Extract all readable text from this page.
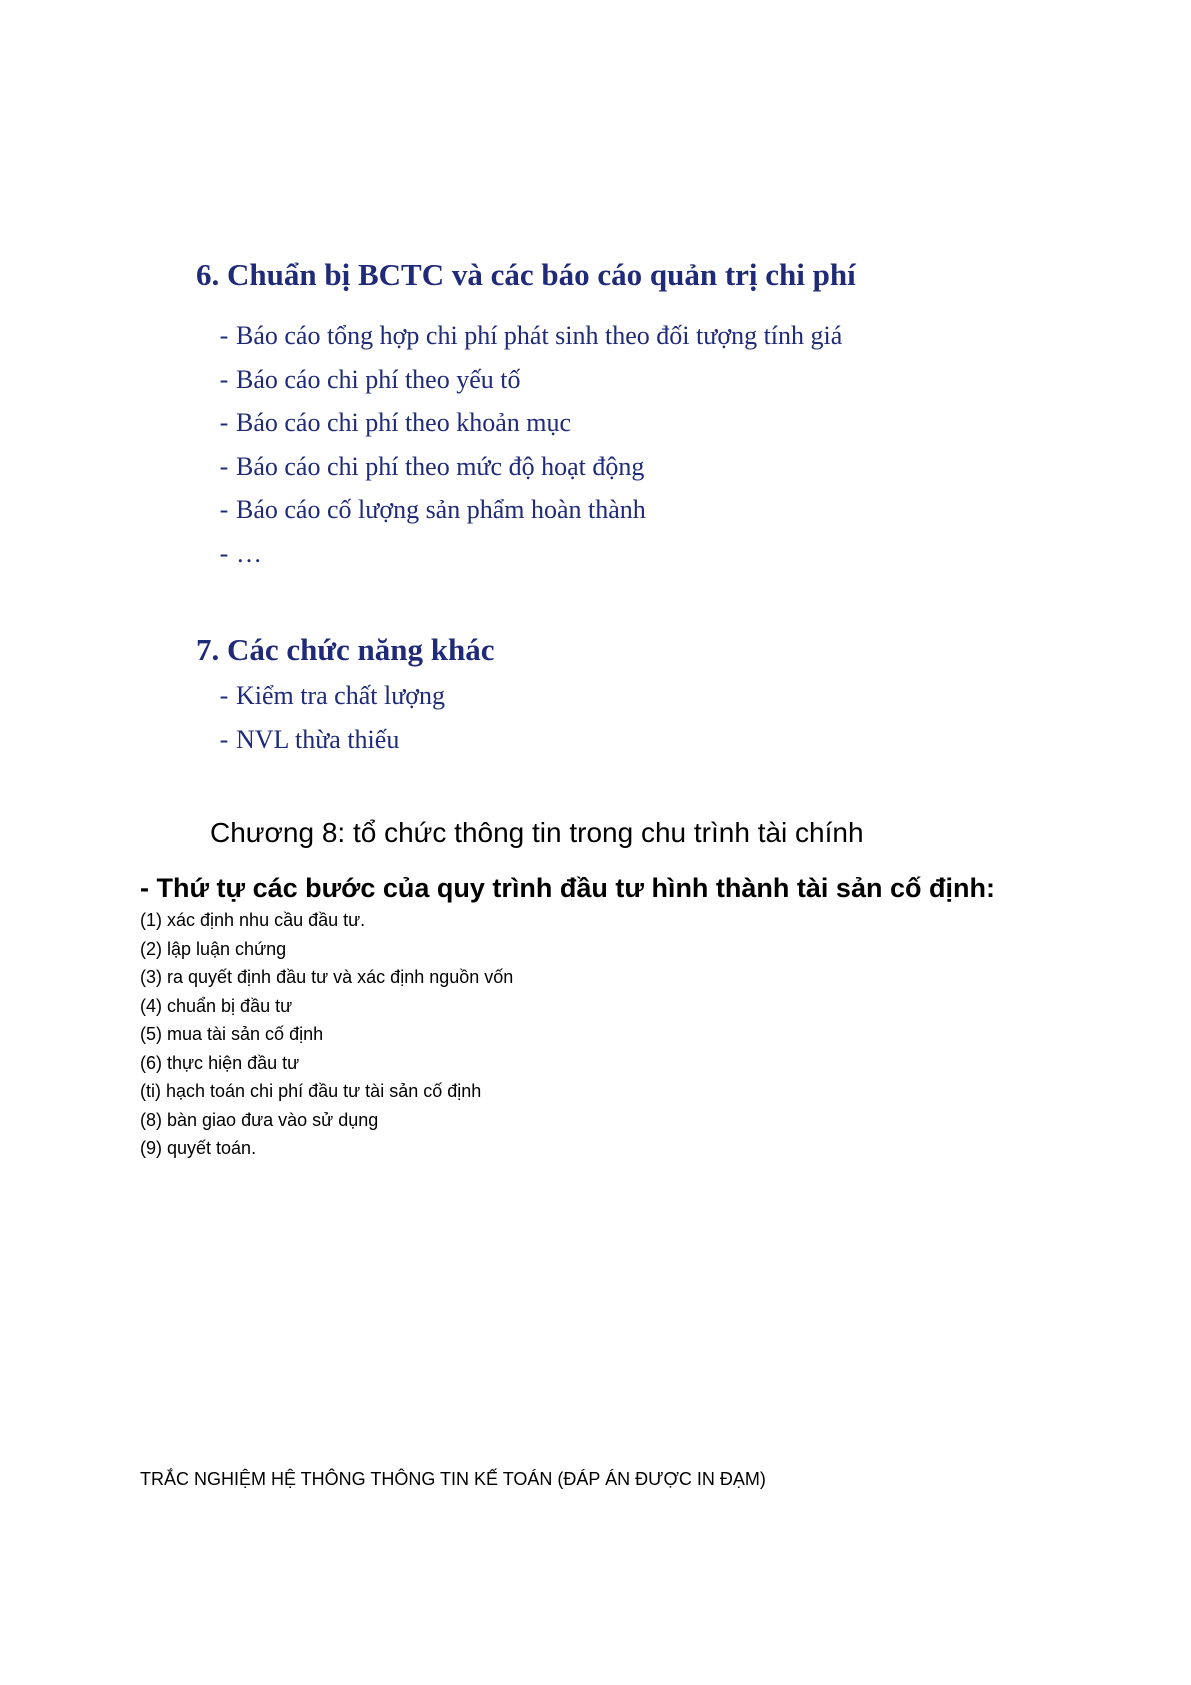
6. Chuẩn bị BCTC và các báo cáo quản trị chi phí
- Báo cáo tổng hợp chi phí phát sinh theo đối tượng tính giá
- Báo cáo chi phí theo yếu tố
- Báo cáo chi phí theo khoản mục
- Báo cáo chi phí theo mức độ hoạt động
- Báo cáo cố lượng sản phẩm hoàn thành
- …
7. Các chức năng khác
- Kiểm tra chất lượng
- NVL thừa thiếu
Chương 8: tổ chức thông tin trong chu trình tài chính
- Thứ tự các bước của quy trình đầu tư hình thành tài sản cố định:
(1) xác định nhu cầu đầu tư.
(2) lập luận chứng
(3) ra quyết định đầu tư và xác định nguồn vốn
(4) chuẩn bị đầu tư
(5) mua tài sản cố định
(6) thực hiện đầu tư
(ti) hạch toán chi phí đầu tư tài sản cố định
(8) bàn giao đưa vào sử dụng
(9) quyết toán.
TRẮC NGHIỆM HỆ THÔNG THÔNG TIN KẾ TOÁN (ĐÁP ÁN ĐƯỢC IN ĐẠM)
